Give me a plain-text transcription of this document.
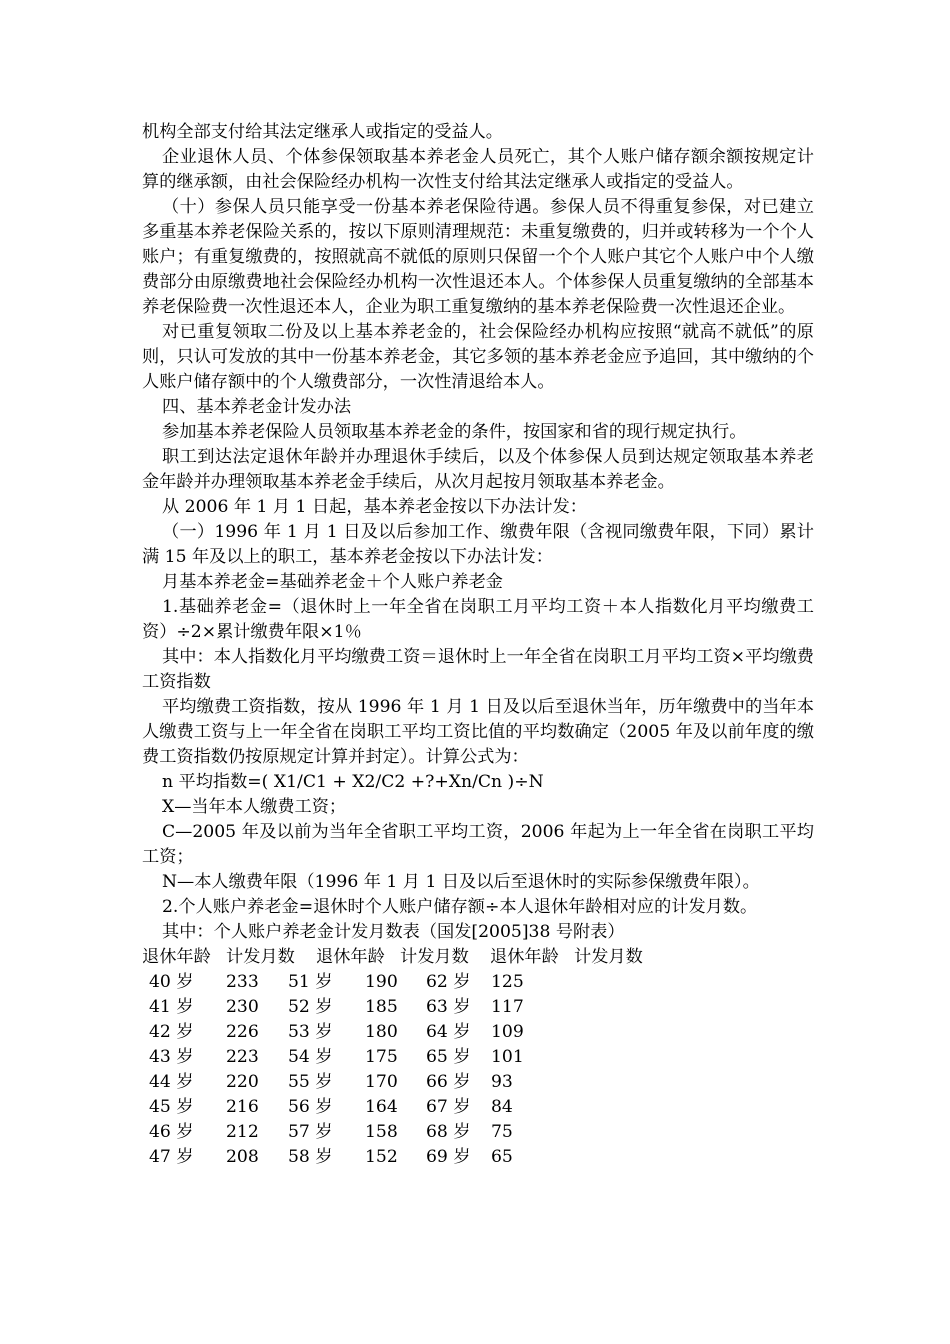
机构全部支付给其法定继承人或指定的受益人。

企业退休人员、个体参保领取基本养老金人员死亡，其个人账户储存额余额按规定计算的继承额，由社会保险经办机构一次性支付给其法定继承人或指定的受益人。

（十）参保人员只能享受一份基本养老保险待遇。参保人员不得重复参保，对已建立多重基本养老保险关系的，按以下原则清理规范：未重复缴费的，归并或转移为一个个人账户；有重复缴费的，按照就高不就低的原则只保留一个个人账户其它个人账户中个人缴费部分由原缴费地社会保险经办机构一次性退还本人。个体参保人员重复缴纳的全部基本养老保险费一次性退还本人，企业为职工重复缴纳的基本养老保险费一次性退还企业。

对已重复领取二份及以上基本养老金的，社会保险经办机构应按照“就高不就低”的原则，只认可发放的其中一份基本养老金，其它多领的基本养老金应予追回，其中缴纳的个人账户储存额中的个人缴费部分，一次性清退给本人。

四、基本养老金计发办法

参加基本养老保险人员领取基本养老金的条件，按国家和省的现行规定执行。

职工到达法定退休年龄并办理退休手续后，以及个体参保人员到达规定领取基本养老金年龄并办理领取基本养老金手续后，从次月起按月领取基本养老金。

从 2006 年 1 月 1 日起，基本养老金按以下办法计发：

（一）1996 年 1 月 1 日及以后参加工作、缴费年限（含视同缴费年限，下同）累计满 15 年及以上的职工，基本养老金按以下办法计发：

月基本养老金=基础养老金＋个人账户养老金

1.基础养老金=（退休时上一年全省在岗职工月平均工资＋本人指数化月平均缴费工资）÷2×累计缴费年限×1％

其中：本人指数化月平均缴费工资＝退休时上一年全省在岗职工月平均工资×平均缴费工资指数

平均缴费工资指数，按从 1996 年 1 月 1 日及以后至退休当年，历年缴费中的当年本人缴费工资与上一年全省在岗职工平均工资比值的平均数确定（2005 年及以前年度的缴费工资指数仍按原规定计算并封定）。计算公式为：

n 平均指数=( X1/C1 + X2/C2 +?+Xn/Cn )÷N

X—当年本人缴费工资；

C—2005 年及以前为当年全省职工平均工资，2006 年起为上一年全省在岗职工平均工资；

N—本人缴费年限（1996 年 1 月 1 日及以后至退休时的实际参保缴费年限）。

2.个人账户养老金=退休时个人账户储存额÷本人退休年龄相对应的计发月数。

其中：个人账户养老金计发月数表（国发[2005]38 号附表）

退休年龄 计发月数	退休年龄 计发月数	退休年龄 计发月数
40 岁	233	51 岁	190	62 岁	125
41 岁	230	52 岁	185	63 岁	117
42 岁	226	53 岁	180	64 岁	109
43 岁	223	54 岁	175	65 岁	101
44 岁	220	55 岁	170	66 岁	93
45 岁	216	56 岁	164	67 岁	84
46 岁	212	57 岁	158	68 岁	75
47 岁	208	58 岁	152	69 岁	65
